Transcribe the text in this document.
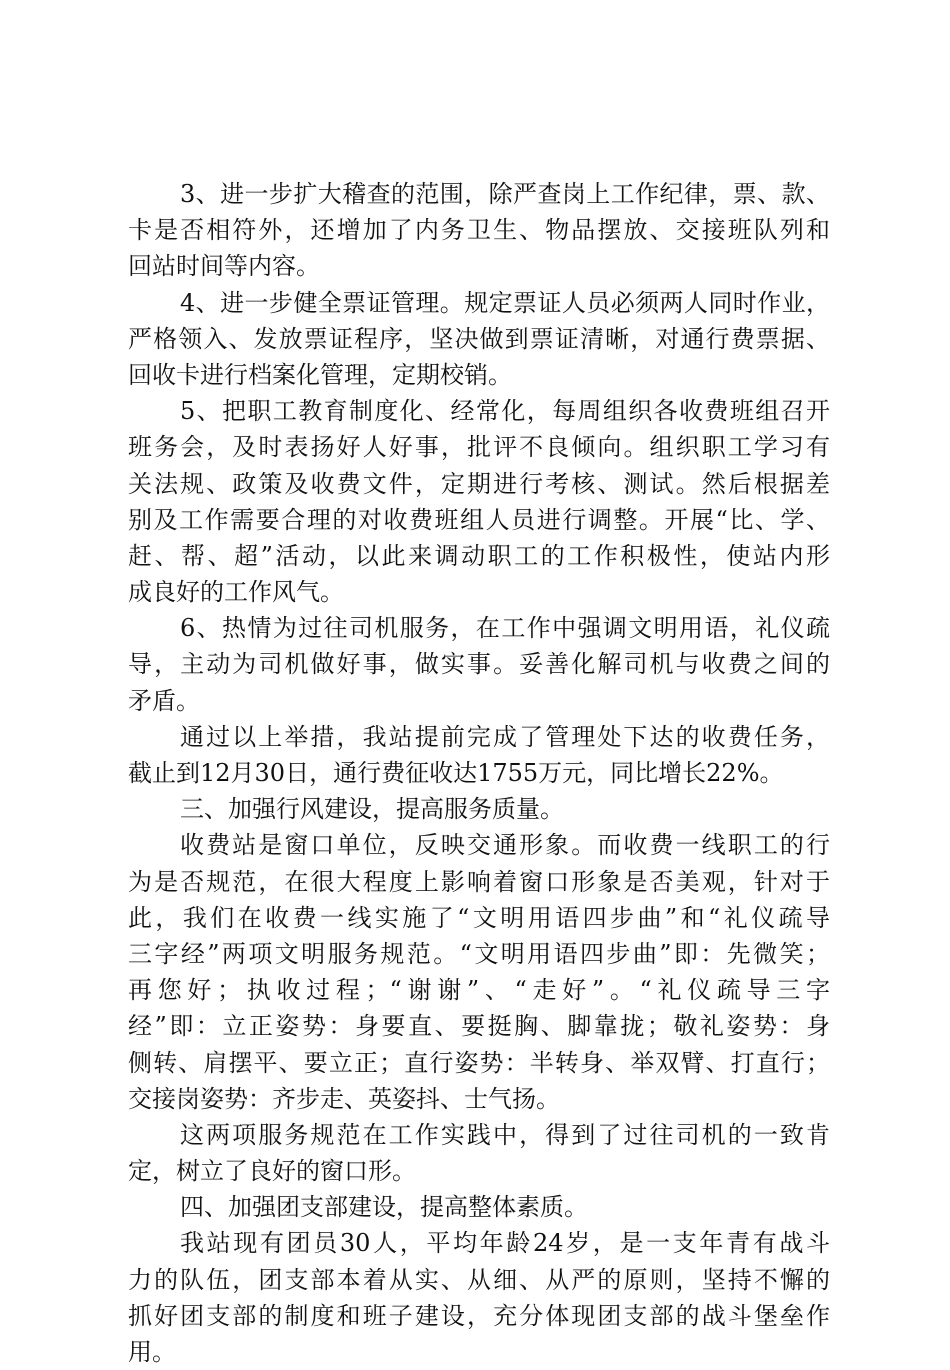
3、进一步扩大稽查的范围，除严查岗上工作纪律，票、款、
卡是否相符外，还增加了内务卫生、物品摆放、交接班队列和
回站时间等内容。
4、进一步健全票证管理。规定票证人员必须两人同时作业，
严格领入、发放票证程序，坚决做到票证清晰，对通行费票据、
回收卡进行档案化管理，定期校销。
5、把职工教育制度化、经常化，每周组织各收费班组召开
班务会，及时表扬好人好事，批评不良倾向。组织职工学习有
关法规、政策及收费文件，定期进行考核、测试。然后根据差
别及工作需要合理的对收费班组人员进行调整。开展“比、学、
赶、帮、超”活动，以此来调动职工的工作积极性，使站内形
成良好的工作风气。
6、热情为过往司机服务，在工作中强调文明用语，礼仪疏
导，主动为司机做好事，做实事。妥善化解司机与收费之间的
矛盾。
通过以上举措，我站提前完成了管理处下达的收费任务，
截止到12月30日，通行费征收达1755万元，同比增长22%。
三、加强行风建设，提高服务质量。
收费站是窗口单位，反映交通形象。而收费一线职工的行
为是否规范，在很大程度上影响着窗口形象是否美观，针对于
此，我们在收费一线实施了“文明用语四步曲”和“礼仪疏导
三字经”两项文明服务规范。“文明用语四步曲”即：先微笑；
再您好；执收过程；“谢谢”、“走好”。“礼仪疏导三字
经”即：立正姿势：身要直、要挺胸、脚靠拢；敬礼姿势：身
侧转、肩摆平、要立正；直行姿势：半转身、举双臂、打直行；
交接岗姿势：齐步走、英姿抖、士气扬。
这两项服务规范在工作实践中，得到了过往司机的一致肯
定，树立了良好的窗口形。
四、加强团支部建设，提高整体素质。
我站现有团员30人，平均年龄24岁，是一支年青有战斗
力的队伍，团支部本着从实、从细、从严的原则，坚持不懈的
抓好团支部的制度和班子建设，充分体现团支部的战斗堡垒作
用。
